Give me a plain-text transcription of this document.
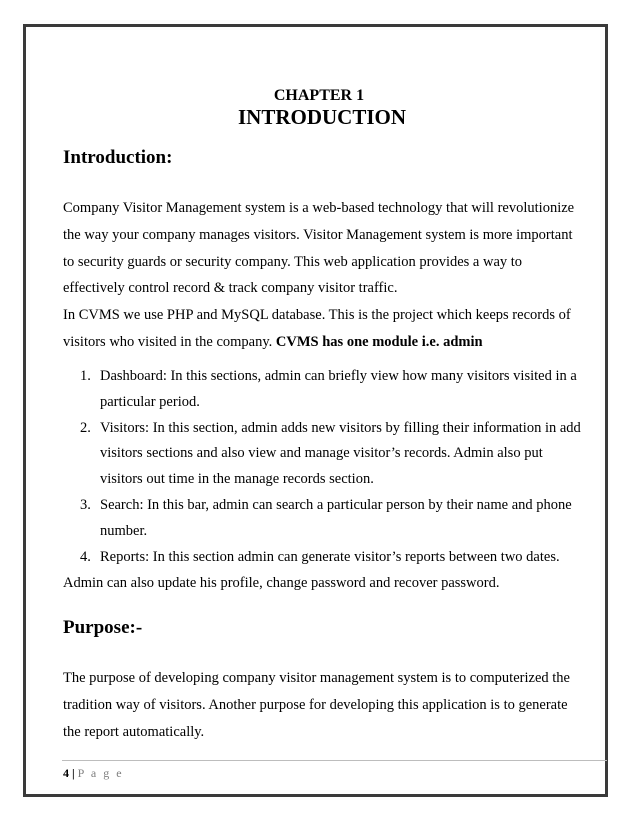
CHAPTER 1
INTRODUCTION
Introduction:
Company Visitor Management system is a web-based technology that will revolutionize the way your company manages visitors. Visitor Management system is more important to security guards or security company. This web application provides a way to effectively control record & track company visitor traffic.
In CVMS we use PHP and MySQL database. This is the project which keeps records of visitors who visited in the company. CVMS has one module i.e. admin
1. Dashboard: In this sections, admin can briefly view how many visitors visited in a particular period.
2. Visitors: In this section, admin adds new visitors by filling their information in add visitors sections and also view and manage visitor’s records. Admin also put visitors out time in the manage records section.
3. Search: In this bar, admin can search a particular person by their name and phone number.
4. Reports: In this section admin can generate visitor’s reports between two dates.
Admin can also update his profile, change password and recover password.
Purpose:-
The purpose of developing company visitor management system is to computerized the tradition way of visitors. Another purpose for developing this application is to generate the report automatically.
4 | P a g e
